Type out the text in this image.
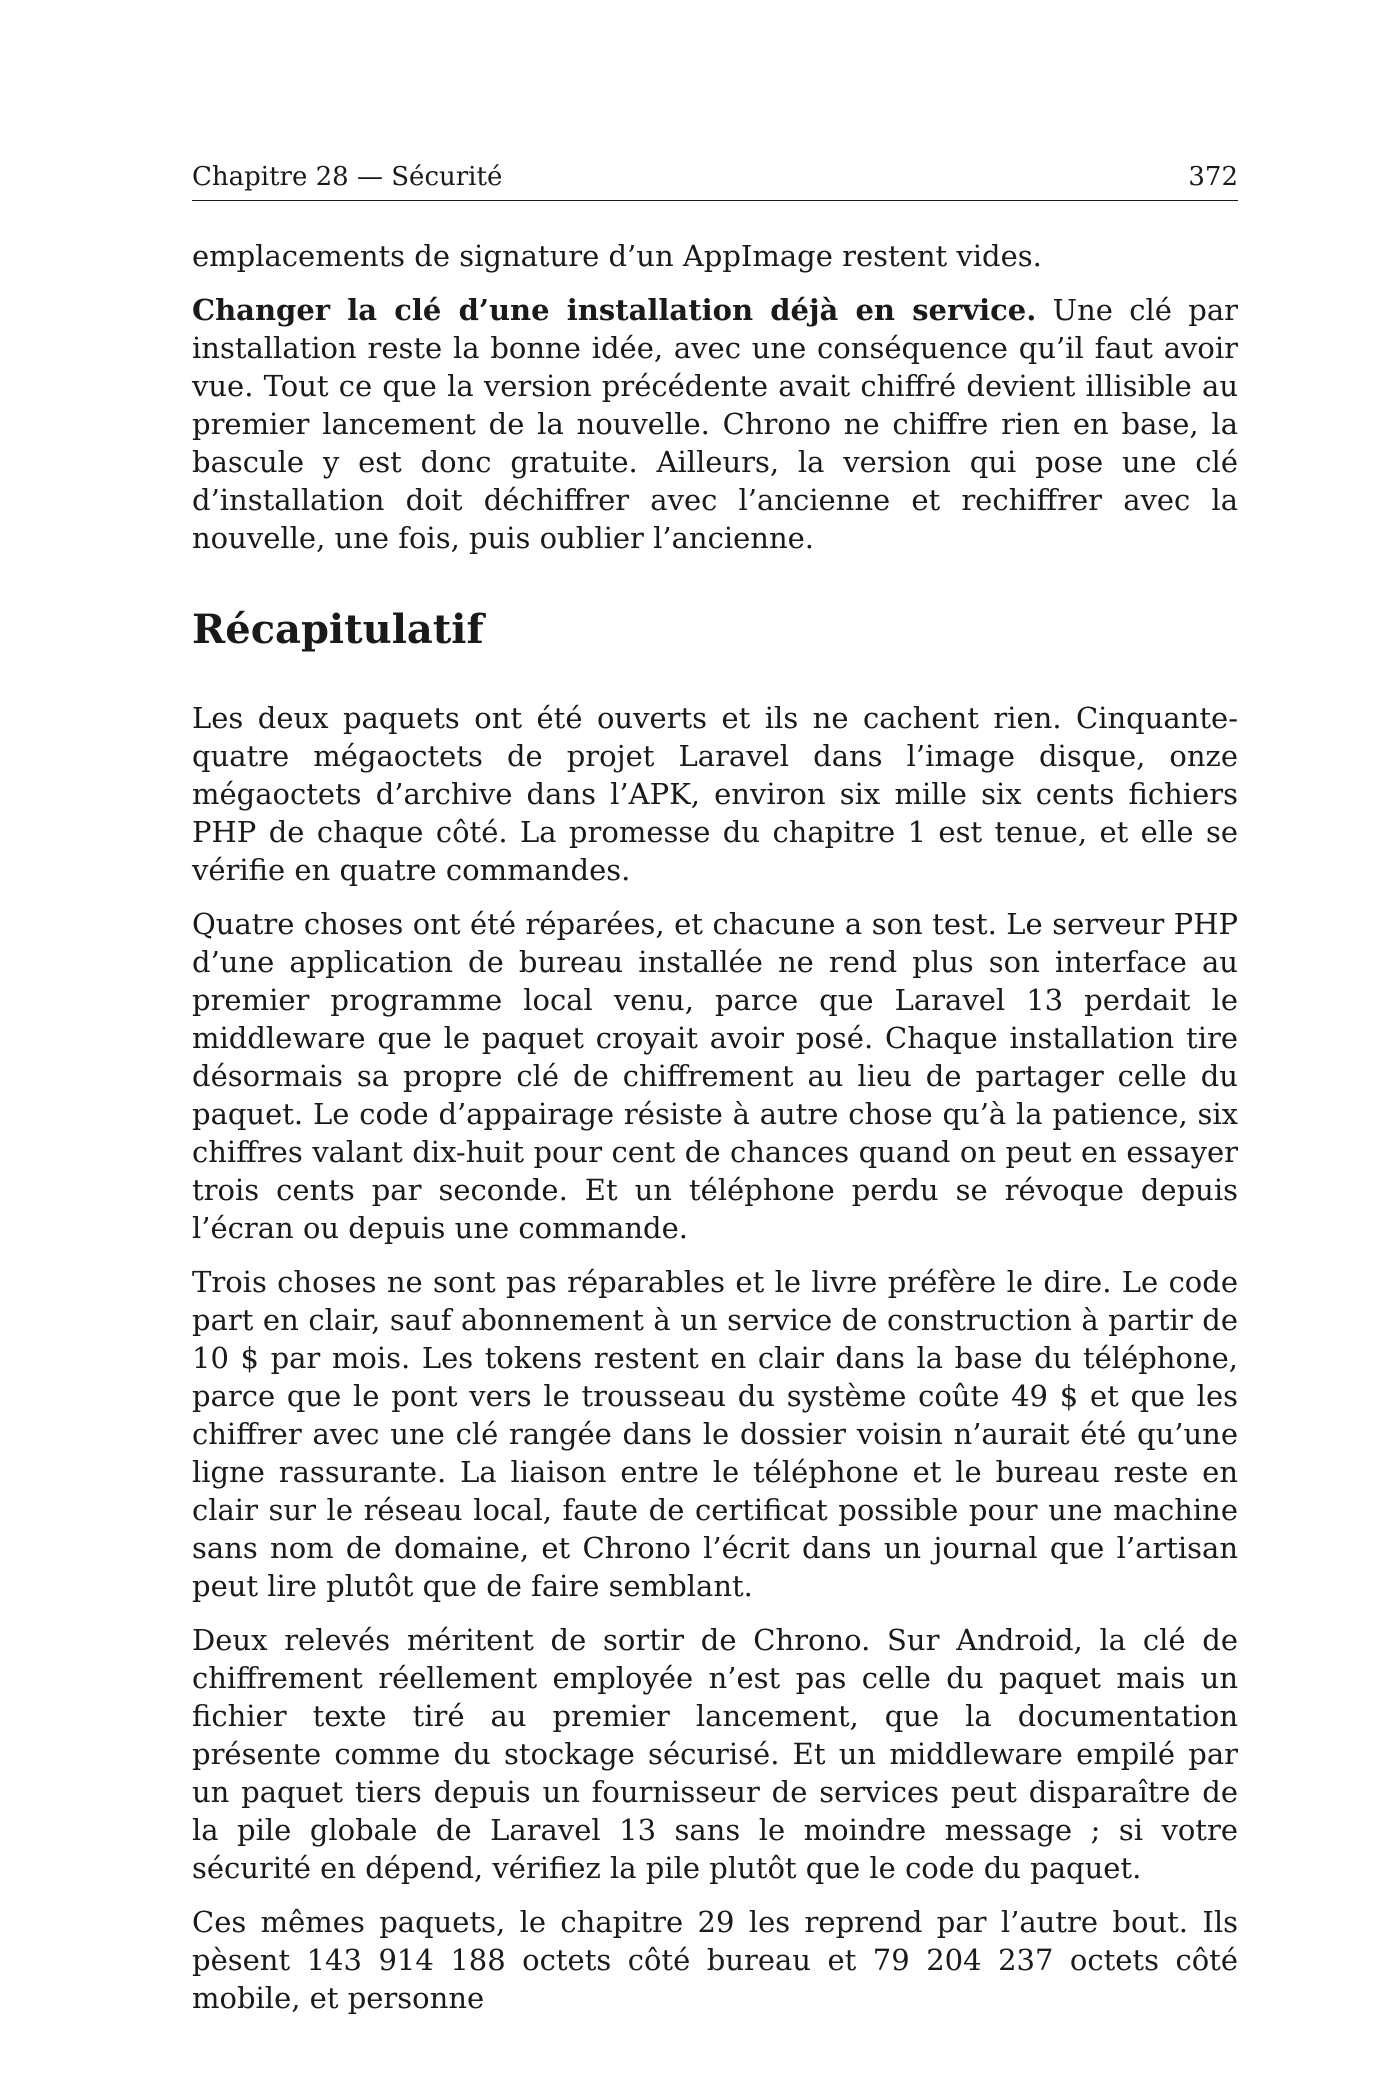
Chapitre 28 — Sécurité	372

emplacements de signature d’un AppImage restent vides.

Changer la clé d’une installation déjà en service. Une clé par installation reste la bonne idée, avec une conséquence qu’il faut avoir vue. Tout ce que la version précédente avait chiffré devient illisible au premier lancement de la nouvelle. Chrono ne chiffre rien en base, la bascule y est donc gratuite. Ailleurs, la version qui pose une clé d’installation doit déchiffrer avec l’ancienne et rechiffrer avec la nouvelle, une fois, puis oublier l’ancienne.

Récapitulatif

Les deux paquets ont été ouverts et ils ne cachent rien. Cinquante-quatre mégaoctets de projet Laravel dans l’image disque, onze mégaoctets d’archive dans l’APK, environ six mille six cents fichiers PHP de chaque côté. La promesse du chapitre 1 est tenue, et elle se vérifie en quatre commandes.

Quatre choses ont été réparées, et chacune a son test. Le serveur PHP d’une application de bureau installée ne rend plus son interface au premier programme local venu, parce que Laravel 13 perdait le middleware que le paquet croyait avoir posé. Chaque installation tire désormais sa propre clé de chiffrement au lieu de partager celle du paquet. Le code d’appairage résiste à autre chose qu’à la patience, six chiffres valant dix-huit pour cent de chances quand on peut en essayer trois cents par seconde. Et un téléphone perdu se révoque depuis l’écran ou depuis une commande.

Trois choses ne sont pas réparables et le livre préfère le dire. Le code part en clair, sauf abonnement à un service de construction à partir de 10 $ par mois. Les tokens restent en clair dans la base du téléphone, parce que le pont vers le trousseau du système coûte 49 $ et que les chiffrer avec une clé rangée dans le dossier voisin n’aurait été qu’une ligne rassurante. La liaison entre le téléphone et le bureau reste en clair sur le réseau local, faute de certificat possible pour une machine sans nom de domaine, et Chrono l’écrit dans un journal que l’artisan peut lire plutôt que de faire semblant.

Deux relevés méritent de sortir de Chrono. Sur Android, la clé de chiffrement réellement employée n’est pas celle du paquet mais un fichier texte tiré au premier lancement, que la documentation présente comme du stockage sécurisé. Et un middleware empilé par un paquet tiers depuis un fournisseur de services peut disparaître de la pile globale de Laravel 13 sans le moindre message ; si votre sécurité en dépend, vérifiez la pile plutôt que le code du paquet.

Ces mêmes paquets, le chapitre 29 les reprend par l’autre bout. Ils pèsent 143 914 188 octets côté bureau et 79 204 237 octets côté mobile, et personne
